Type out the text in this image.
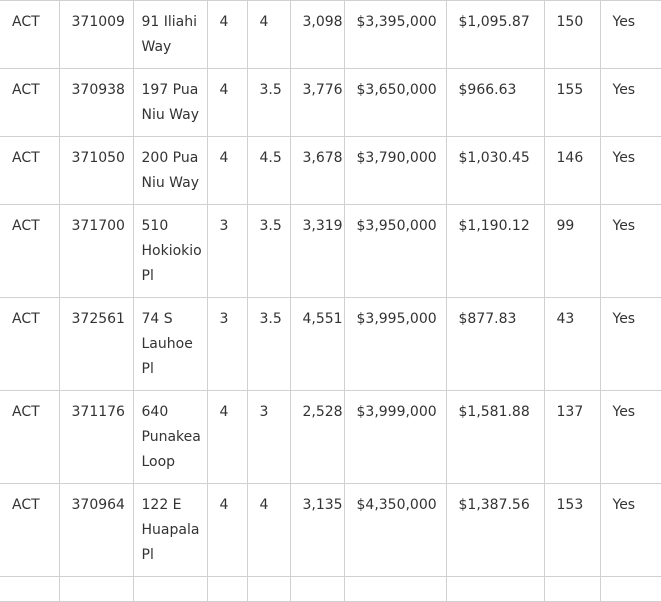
ACT	371009	91 Iliahi Way	4	4	3,098	$3,395,000	$1,095.87	150	Yes
ACT	370938	197 Pua Niu Way	4	3.5	3,776	$3,650,000	$966.63	155	Yes
ACT	371050	200 Pua Niu Way	4	4.5	3,678	$3,790,000	$1,030.45	146	Yes
ACT	371700	510 Hokiokio Pl	3	3.5	3,319	$3,950,000	$1,190.12	99	Yes
ACT	372561	74 S Lauhoe Pl	3	3.5	4,551	$3,995,000	$877.83	43	Yes
ACT	371176	640 Punakea Loop	4	3	2,528	$3,999,000	$1,581.88	137	Yes
ACT	370964	122 E Huapala Pl	4	4	3,135	$4,350,000	$1,387.56	153	Yes
